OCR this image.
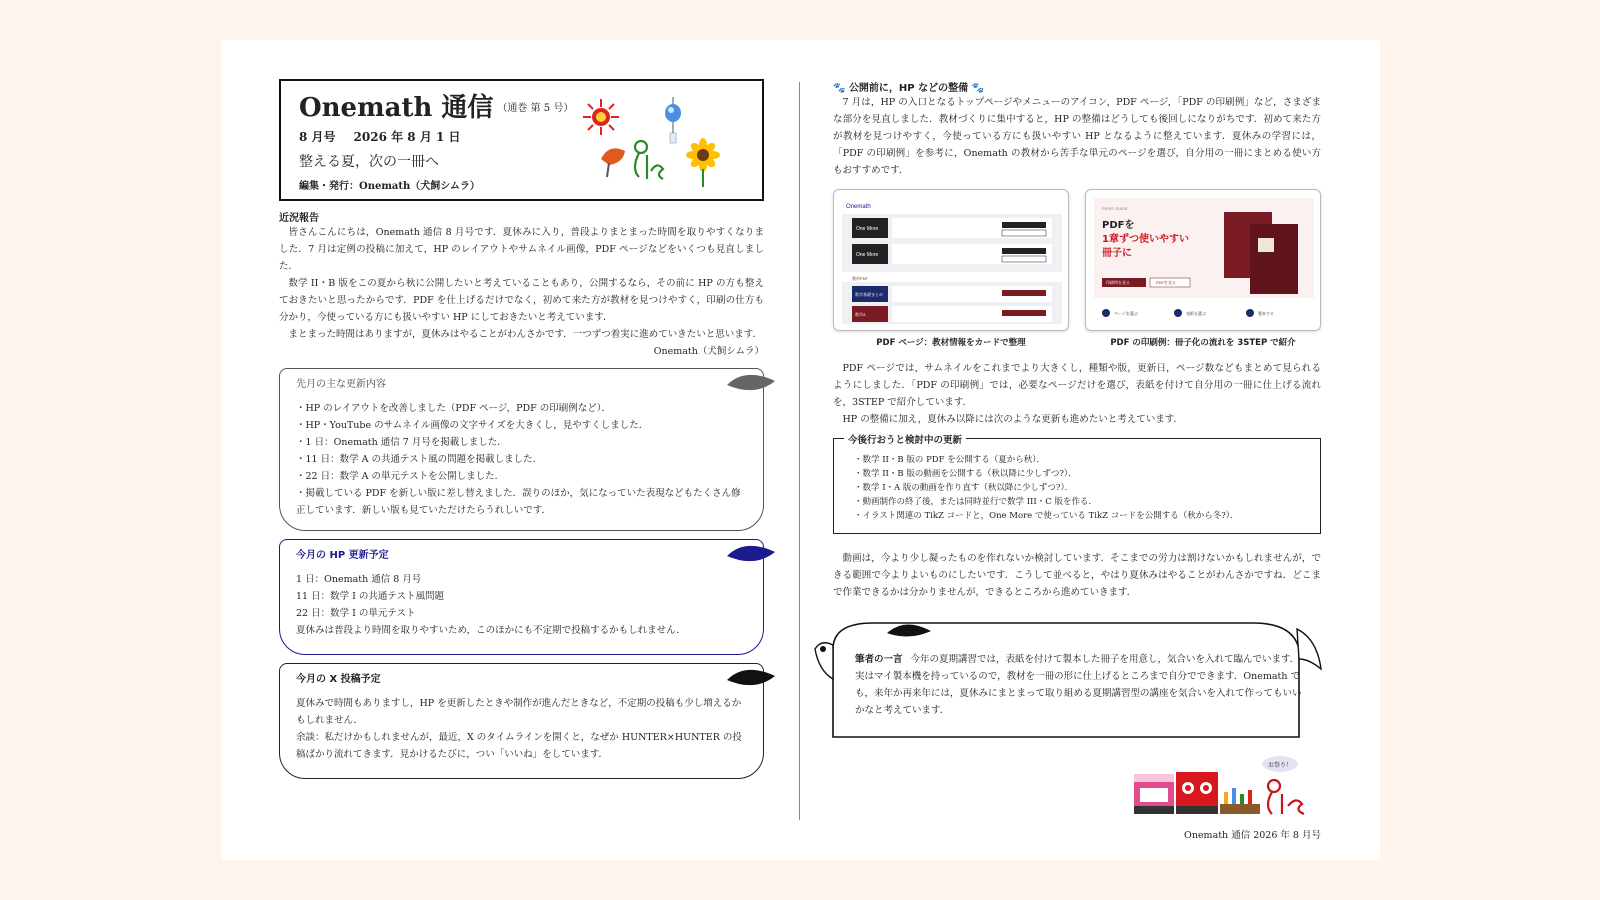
Onemath 通信 （通巻 第 5 号）
8 月号 2026 年 8 月 1 日
整える夏，次の一冊へ
編集・発行：Onemath（犬飼シムラ）
近況報告

皆さんこんにちは，Onemath 通信 8 月号です．夏休みに入り，普段よりまとまった時間を取りやすくなりました．7 月は定例の投稿に加えて，HP のレイアウトやサムネイル画像，PDF ページなどをいくつも見直しました．

数学 II・B 版をこの夏から秋に公開したいと考えていることもあり，公開するなら，その前に HP の方も整えておきたいと思ったからです．PDF を仕上げるだけでなく，初めて来た方が教材を見つけやすく，印刷の仕方も分かり，今使っている方にも扱いやすい HP にしておきたいと考えています．

まとまった時間はありますが，夏休みはやることがわんさかです．一つずつ着実に進めていきたいと思います．

Onemath（犬飼シムラ）

先月の主な更新内容

・HP のレイアウトを改善しました（PDF ページ，PDF の印刷例など）．

・HP・YouTube のサムネイル画像の文字サイズを大きくし，見やすくしました．

・1 日：Onemath 通信 7 月号を掲載しました．

・11 日：数学 A の共通テスト風の問題を掲載しました．

・22 日：数学 A の単元テストを公開しました．

・掲載している PDF を新しい版に差し替えました．誤りのほか，気になっていた表現などもたくさん修正しています．新しい版も見ていただけたらうれしいです．

今月の HP 更新予定

1 日：Onemath 通信 8 月号

11 日：数学 I の共通テスト風問題

22 日：数学 I の単元テスト

夏休みは普段より時間を取りやすいため，このほかにも不定期で投稿するかもしれません．

今月の X 投稿予定

夏休みで時間もありますし，HP を更新したときや制作が進んだときなど，不定期の投稿も少し増えるかもしれません．

余談：私だけかもしれませんが，最近，X のタイムラインを開くと，なぜか HUNTER×HUNTER の投稿ばかり流れてきます．見かけるたびに，つい「いいね」をしています．

🐾 公開前に，HP などの整備 🐾

7 月は，HP の入口となるトップページやメニューのアイコン，PDF ページ，「PDF の印刷例」など，さまざまな部分を見直しました．教材づくりに集中すると，HP の整備はどうしても後回しになりがちです．初めて来た方が教材を見つけやすく，今使っている方にも扱いやすい HP となるように整えています．夏休みの学習には，「PDF の印刷例」を参考に，Onemath の教材から苦手な単元のページを選び，自分用の一冊にまとめる使い方もおすすめです．

Onemath
One More
One More
教材PDF
数学基礎まとめ
数学A
PDF ページ：教材情報をカードで整理
PRINT GUIDE
PDFを
1章ずつ使いやすい
冊子に
印刷例を見る	PDFを見る
ページを選ぶ	表紙を選ぶ	製本する
PDF の印刷例：冊子化の流れを 3STEP で紹介

PDF ページでは，サムネイルをこれまでより大きくし，種類や版，更新日，ページ数などもまとめて見られるようにしました．「PDF の印刷例」では，必要なページだけを選び，表紙を付けて自分用の一冊に仕上げる流れを，3STEP で紹介しています．

HP の整備に加え，夏休み以降には次のような更新も進めたいと考えています．

今後行おうと検討中の更新

・数学 II・B 版の PDF を公開する（夏から秋）．

・数学 II・B 版の動画を公開する（秋以降に少しずつ?）．

・数学 I・A 版の動画を作り直す（秋以降に少しずつ?）．

・動画制作の終了後，または同時並行で数学 III・C 版を作る．

・イラスト関連の TikZ コードと，One More で使っている TikZ コードを公開する（秋から冬?）．

動画は，今より少し凝ったものを作れないか検討しています．そこまでの労力は割けないかもしれませんが，できる範囲で今よりよいものにしたいです．こうして並べると，やはり夏休みはやることがわんさかですね．どこまで作業できるかは分かりませんが，できるところから進めていきます．

筆者の一言 今年の夏期講習では，表紙を付けて製本した冊子を用意し，気合いを入れて臨んでいます．実はマイ製本機を持っているので，教材を一冊の形に仕上げるところまで自分でできます．Onemath でも，来年か再来年には，夏休みにまとまって取り組める夏期講習型の講座を気合いを入れて作ってもいいかなと考えています．
お祭り！
Onemath 通信 2026 年 8 月号
